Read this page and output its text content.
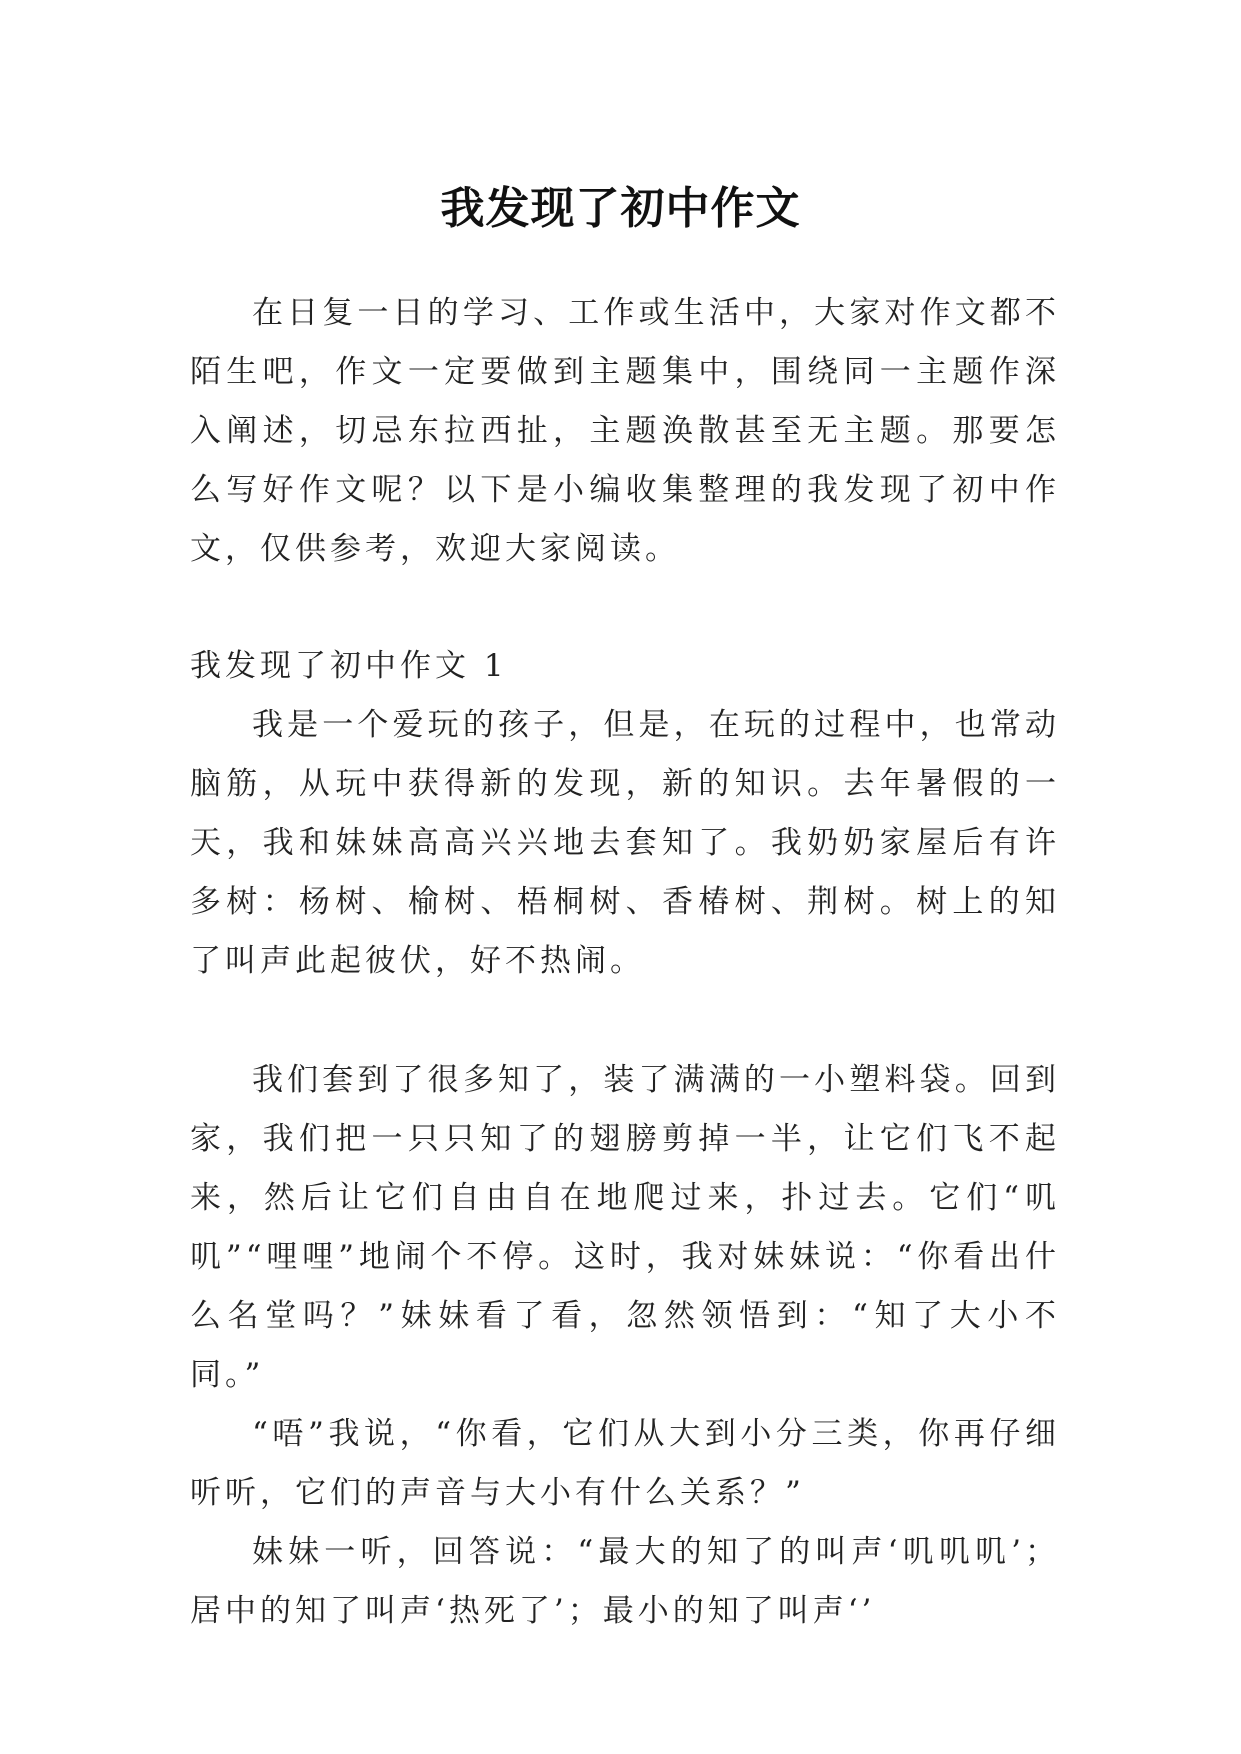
我发现了初中作文

在日复一日的学习、工作或生活中，大家对作文都不陌生吧，作文一定要做到主题集中，围绕同一主题作深入阐述，切忌东拉西扯，主题涣散甚至无主题。那要怎么写好作文呢？以下是小编收集整理的我发现了初中作文，仅供参考，欢迎大家阅读。

我发现了初中作文 1

我是一个爱玩的孩子，但是，在玩的过程中，也常动脑筋，从玩中获得新的发现，新的知识。去年暑假的一天，我和妹妹高高兴兴地去套知了。我奶奶家屋后有许多树：杨树、榆树、梧桐树、香椿树、荆树。树上的知了叫声此起彼伏，好不热闹。

我们套到了很多知了，装了满满的一小塑料袋。回到家，我们把一只只知了的翅膀剪掉一半，让它们飞不起来，然后让它们自由自在地爬过来，扑过去。它们“叽叽”“哩哩”地闹个不停。这时，我对妹妹说：“你看出什么名堂吗？”妹妹看了看，忽然领悟到：“知了大小不同。”

“唔”我说，“你看，它们从大到小分三类，你再仔细听听，它们的声音与大小有什么关系？”

妹妹一听，回答说：“最大的知了的叫声‘叽叽叽’；居中的知了叫声‘热死了’；最小的知了叫声‘’
